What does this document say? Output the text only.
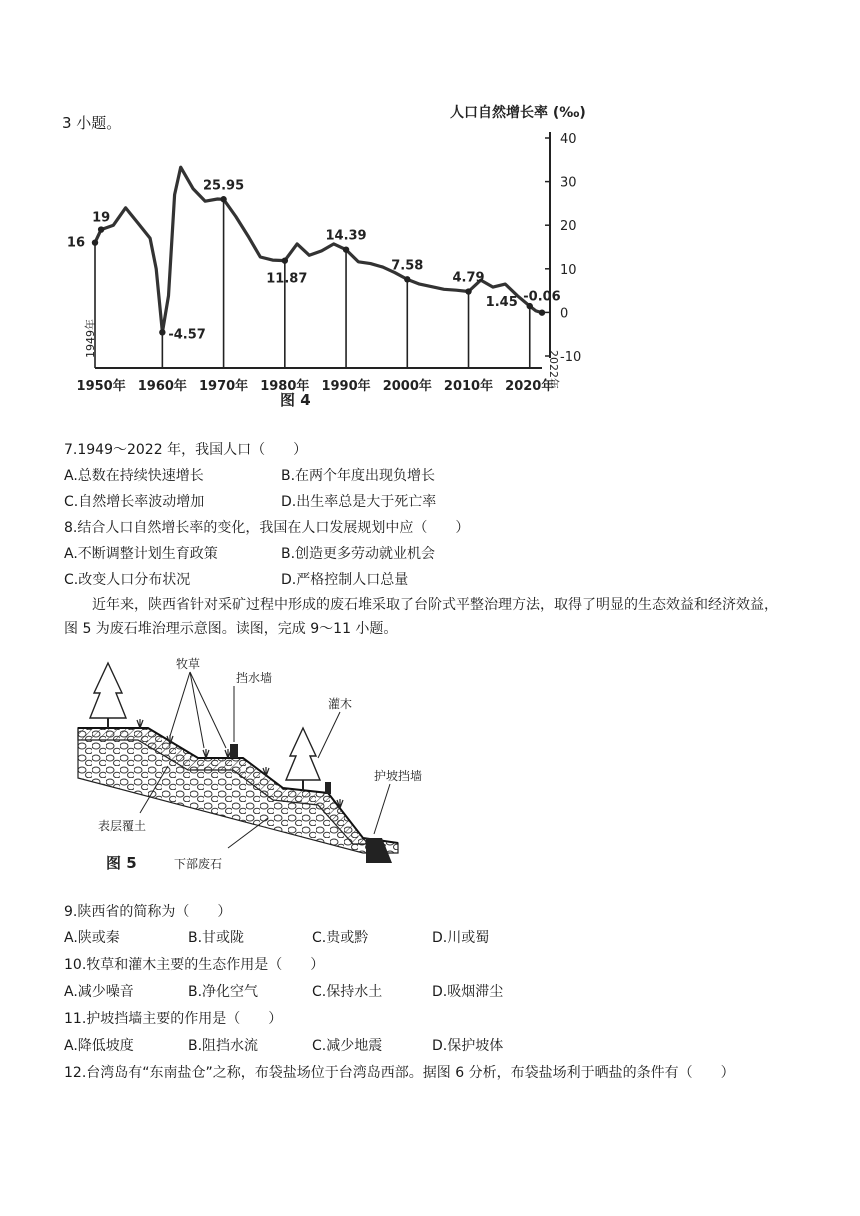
3 小题。
人口自然增长率 (‰)
40
30
20
10
0
-10
16
19
-4.57
25.95
11.87
14.39
7.58
4.79
1.45 -0.06
1950年 1960年 1970年 1980年 1990年 2000年 2010年 2020年
1949年
2022年
图 4
7.1949～2022 年，我国人口（　　）
A.总数在持续快速增长	B.在两个年度出现负增长
C.自然增长率波动增加	D.出生率总是大于死亡率
8.结合人口自然增长率的变化，我国在人口发展规划中应（　　）
A.不断调整计划生育政策	B.创造更多劳动就业机会
C.改变人口分布状况	D.严格控制人口总量
近年来，陕西省针对采矿过程中形成的废石堆采取了台阶式平整治理方法，取得了明显的生态效益和经济效益，图 5 为废石堆治理示意图。读图，完成 9～11 小题。
牧草
挡水墙
灌木
护坡挡墙
表层覆土
下部废石
图 5
9.陕西省的简称为（　　）
A.陕或秦	B.甘或陇	C.贵或黔	D.川或蜀
10.牧草和灌木主要的生态作用是（　　）
A.减少噪音	B.净化空气	C.保持水土	D.吸烟滞尘
11.护坡挡墙主要的作用是（　　）
A.降低坡度	B.阻挡水流	C.减少地震	D.保护坡体
12.台湾岛有“东南盐仓”之称，布袋盐场位于台湾岛西部。据图 6 分析，布袋盐场利于晒盐的条件有（　　）
